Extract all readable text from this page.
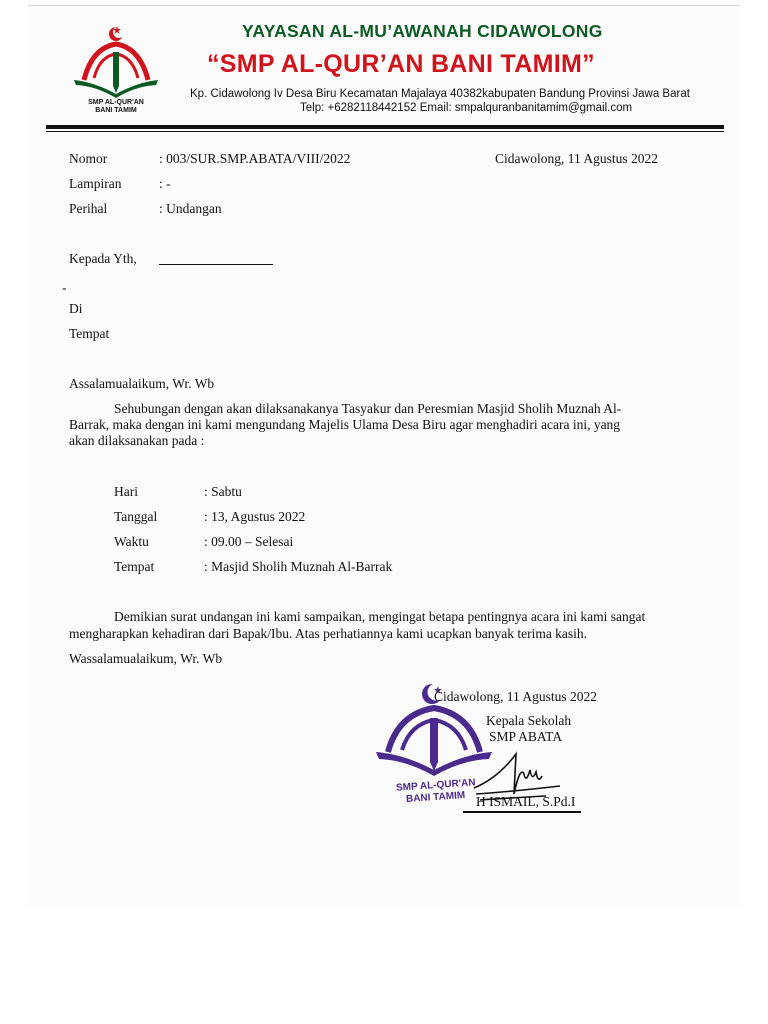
SMP AL-QUR'AN
BANI TAMIM
YAYASAN AL-MU’AWANAH CIDAWOLONG
“SMP AL-QUR’AN BANI TAMIM”
Kp. Cidawolong Iv Desa Biru Kecamatan Majalaya 40382kabupaten Bandung Provinsi Jawa Barat
Telp: +6282118442152 Email: smpalquranbanitamim@gmail.com
Nomor	: 003/SUR.SMP.ABATA/VIII/2022	Cidawolong, 11 Agustus 2022
Lampiran	: -
Perihal	: Undangan
Kepada Yth,
-
Di
Tempat
Assalamualaikum, Wr. Wb
Sehubungan dengan akan dilaksanakanya Tasyakur dan Peresmian Masjid Sholih Muznah Al-
Barrak, maka dengan ini kami mengundang Majelis Ulama Desa Biru agar menghadiri acara ini, yang
akan dilaksanakan pada :
Hari	: Sabtu
Tanggal	: 13, Agustus 2022
Waktu	: 09.00 – Selesai
Tempat	: Masjid Sholih Muznah Al-Barrak
Demikian surat undangan ini kami sampaikan, mengingat betapa pentingnya acara ini kami sangat
mengharapkan kehadiran dari Bapak/Ibu. Atas perhatiannya kami ucapkan banyak terima kasih.
Wassalamualaikum, Wr. Wb
SMP AL-QUR'AN
BANI TAMIM
Cidawolong, 11 Agustus 2022
Kepala Sekolah
SMP ABATA
H ISMAIL, S.Pd.I
